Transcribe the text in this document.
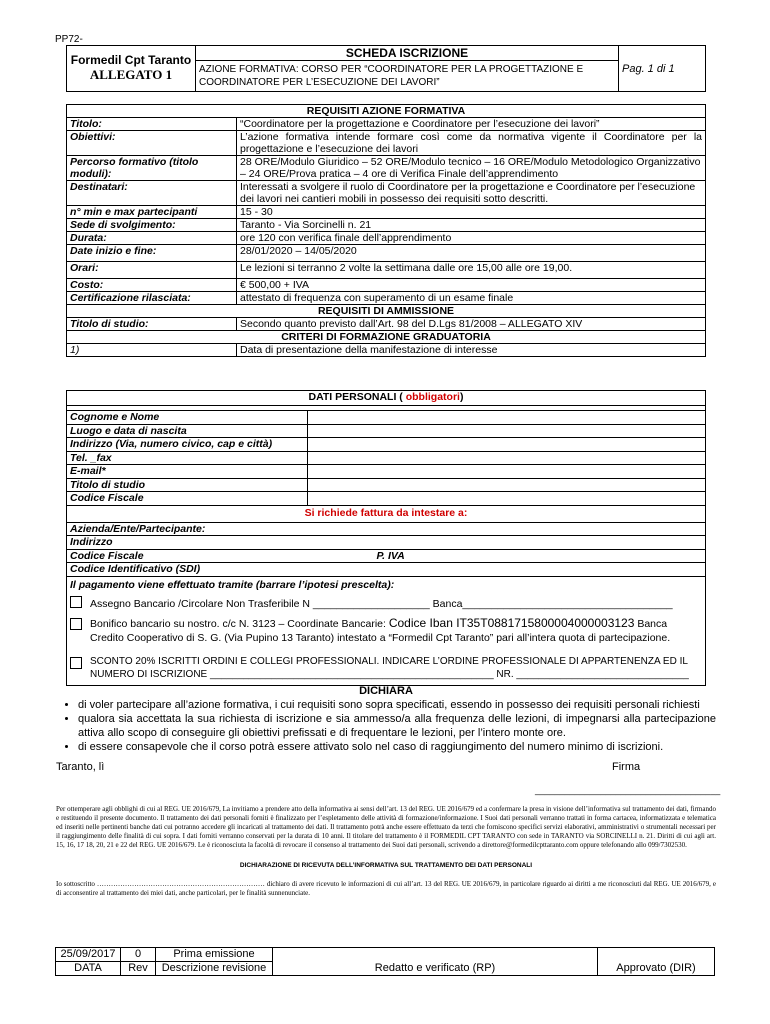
PP72-
Formedil Cpt Taranto
ALLEGATO 1

SCHEDA ISCRIZIONE
AZIONE FORMATIVA: CORSO PER “COORDINATORE PER LA PROGETTAZIONE E COORDINATORE PER L’ESECUZIONE DEI LAVORI”
	Pag. 1 di 1
REQUISITI AZIONE FORMATIVA	
Titolo:	“Coordinatore per la progettazione e Coordinatore per l’esecuzione dei lavori”
Obiettivi:	L’azione formativa intende formare così come da normativa vigente il Coordinatore per la progettazione e l’esecuzione dei lavori
Percorso formativo (titolo moduli):	28 ORE/Modulo Giuridico – 52 ORE/Modulo tecnico – 16 ORE/Modulo Metodologico Organizzativo – 24 ORE/Prova pratica – 4 ore di Verifica Finale dell’apprendimento
Destinatari:	Interessati a svolgere il ruolo di Coordinatore per la progettazione e Coordinatore per l’esecuzione dei lavori nei cantieri mobili in possesso dei requisiti sotto descritti.
n° min e max partecipanti	15 - 30
Sede di svolgimento:	Taranto - Via Sorcinelli n. 21
Durata:	ore 120 con verifica finale dell’apprendimento
Date inizio e fine:	28/01/2020 – 14/05/2020
Orari:	Le lezioni si terranno 2 volte la settimana dalle ore 15,00 alle ore 19,00.
Costo:	€ 500,00 + IVA
Certificazione rilasciata:	attestato di frequenza con superamento di un esame finale
REQUISITI DI AMMISSIONE	
Titolo di studio:	Secondo quanto previsto dall’Art. 98 del D.Lgs 81/2008 – ALLEGATO XIV
CRITERI DI FORMAZIONE GRADUATORIA	
1)	Data di presentazione della manifestazione di interesse
DATI PERSONALI ( obbligatori)	

Cognome e Nome	
Luogo e data di nascita	
Indirizzo (Via, numero civico, cap e città)	
Tel. _fax	
E-mail*	
Titolo di studio	
Codice Fiscale	
Si richiede fattura da intestare a:	
Azienda/Ente/Partecipante:	
Indirizzo	
Codice Fiscale P. IVA	

Codice Identificativo (SDI)	

Il pagamento viene effettuato tramite (barrare l’ipotesi prescelta):
Assegno Bancario /Circolare Non Trasferibile N ____________________ Banca____________________________________
Bonifico bancario su nostro. c/c N. 3123 – Coordinate Bancarie: Codice Iban IT35T0881715800004000003123 Banca Credito Cooperativo di S. G. (Via Pupino 13 Taranto) intestato a “Formedil Cpt Taranto” pari all’intera quota di partecipazione.
SCONTO 20% ISCRITTI ORDINI E COLLEGI PROFESSIONALI. INDICARE L’ORDINE PROFESSIONALE DI APPARTENENZA ED IL
NUMERO DI ISCRIZIONE ___________________________________________________ NR. _______________________________	
DICHIARA
• di voler partecipare all’azione formativa, i cui requisiti sono sopra specificati, essendo in possesso dei requisiti personali richiesti
• qualora sia accettata la sua richiesta di iscrizione e sia ammesso/a alla frequenza delle lezioni, di impegnarsi alla partecipazione attiva allo scopo di conseguire gli obiettivi prefissati e di frequentare le lezioni, per l’intero monte ore.
• di essere consapevole che il corso potrà essere attivato solo nel caso di raggiungimento del numero minimo di iscrizioni.
Taranto, lì	Firma
_____________________________________
Per ottemperare agli obblighi di cui al REG. UE 2016/679, La invitiamo a prendere atto della informativa ai sensi dell’art. 13 del REG. UE 2016/679 ed a confermare la presa in visione dell’informativa sul trattamento dei dati, firmando e restituendo il presente documento. Il trattamento dei dati personali forniti è finalizzato per l’espletamento delle attività di formazione/informazione. I Suoi dati personali verranno trattati in forma cartacea, informatizzata e telematica ed inseriti nelle pertinenti banche dati cui potranno accedere gli incaricati al trattamento dei dati. Il trattamento potrà anche essere effettuato da terzi che forniscono specifici servizi elaborativi, amministrativi o strumentali necessari per il raggiungimento delle finalità di cui sopra. I dati forniti verranno conservati per la durata di 10 anni. Il titolare del trattamento è il FORMEDIL CPT TARANTO con sede in TARANTO via SORCINELLI n. 21. Diritti di cui agli art. 15, 16, 17 18, 20, 21 e 22 del REG. UE 2016/679. Le è riconosciuta la facoltà di revocare il consenso al trattamento dei Suoi dati personali, scrivendo a direttore@formedilcpttaranto.com oppure telefonando allo 099/7302530.
DICHIARAZIONE DI RICEVUTA DELL’INFORMATIVA SUL TRATTAMENTO DEI DATI PERSONALI
Io sottoscritto ……………………………………………………………… dichiaro di avere ricevuto le informazioni di cui all’art. 13 del REG. UE 2016/679, in particolare riguardo ai diritti a me riconosciuti dal REG. UE 2016/679, e di acconsentire al trattamento dei miei dati, anche particolari, per le finalità sunnenunciate.
25/09/2017	0	Prima emissione	Redatto e verificato (RP)	Approvato (DIR)
DATA	Rev	Descrizione revisione		
